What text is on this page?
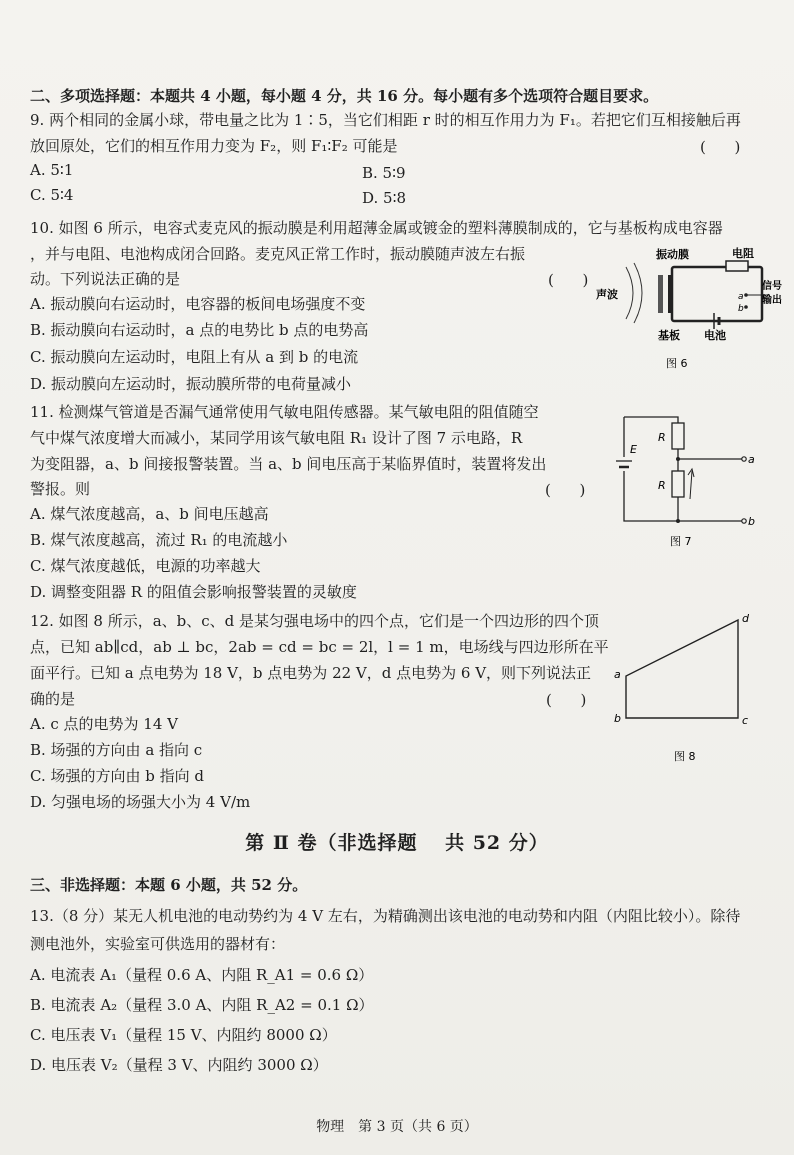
二、多项选择题：本题共 4 小题，每小题 4 分，共 16 分。每小题有多个选项符合题目要求。
9. 两个相同的金属小球，带电量之比为 1∶5，当它们相距 r 时的相互作用力为 F₁。若把它们互相接触后再
放回原处，它们的相互作用力变为 F₂，则 F₁∶F₂ 可能是	(      )
A. 5∶1	B. 5∶9
C. 5∶4	D. 5∶8
10. 如图 6 所示，电容式麦克风的振动膜是利用超薄金属或镀金的塑料薄膜制成的，它与基板构成电容器
，并与电阻、电池构成闭合回路。麦克风正常工作时，振动膜随声波左右振
动。下列说法正确的是	(      )
A. 振动膜向右运动时，电容器的板间电场强度不变
B. 振动膜向右运动时，a 点的电势比 b 点的电势高
C. 振动膜向左运动时，电阻上有从 a 到 b 的电流
D. 振动膜向左运动时，振动膜所带的电荷量减小
a
b
振动膜	电阻
声波
信号
输出
基板 电池
图 6
11. 检测煤气管道是否漏气通常使用气敏电阻传感器。某气敏电阻的阻值随空
气中煤气浓度增大而减小，某同学用该气敏电阻 R₁ 设计了图 7 示电路，R
为变阻器，a、b 间接报警装置。当 a、b 间电压高于某临界值时，装置将发出
警报。则	(      )
A. 煤气浓度越高，a、b 间电压越高
B. 煤气浓度越高，流过 R₁ 的电流越小
C. 煤气浓度越低，电源的功率越大
D. 调整变阻器 R 的阻值会影响报警装置的灵敏度
E
R
a
R
b
图 7
12. 如图 8 所示，a、b、c、d 是某匀强电场中的四个点，它们是一个四边形的四个顶
点，已知 ab∥cd，ab ⊥ bc，2ab = cd = bc = 2l，l = 1 m，电场线与四边形所在平
面平行。已知 a 点电势为 18 V，b 点电势为 22 V，d 点电势为 6 V，则下列说法正
确的是	(      )
A. c 点的电势为 14 V
B. 场强的方向由 a 指向 c
C. 场强的方向由 b 指向 d
D. 匀强电场的场强大小为 4 V/m
a
b	c
d
图 8
第 Ⅱ 卷（非选择题　 共 52 分）
三、非选择题：本题 6 小题，共 52 分。
13.（8 分）某无人机电池的电动势约为 4 V 左右，为精确测出该电池的电动势和内阻（内阻比较小）。除待
测电池外，实验室可供选用的器材有：
A. 电流表 A₁（量程 0.6 A、内阻 R_A1 = 0.6 Ω）
B. 电流表 A₂（量程 3.0 A、内阻 R_A2 = 0.1 Ω）
C. 电压表 V₁（量程 15 V、内阻约 8000 Ω）
D. 电压表 V₂（量程 3 V、内阻约 3000 Ω）
物理　第 3 页（共 6 页）
